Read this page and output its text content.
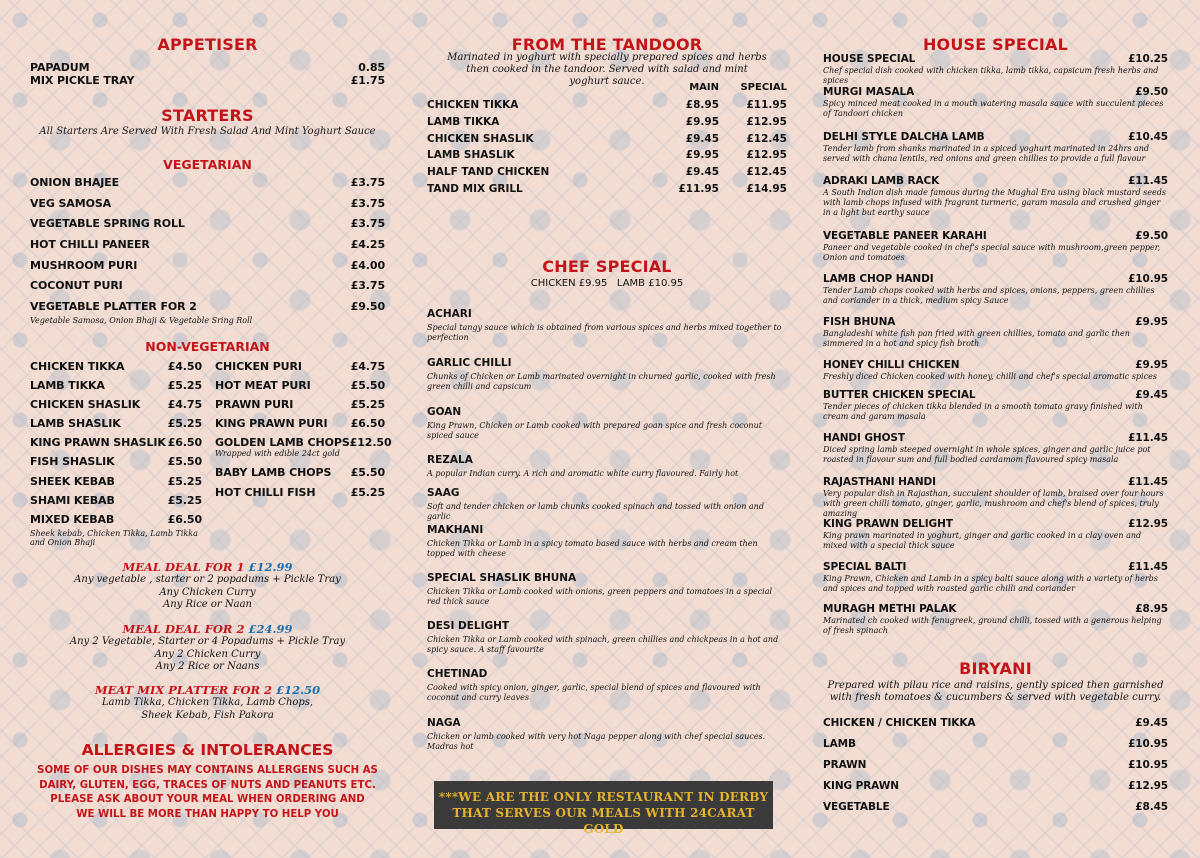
APPETISER
PAPADUM	0.85
MIX PICKLE TRAY	£1.75
STARTERS
All Starters Are Served With Fresh Salad And Mint Yoghurt Sauce
VEGETARIAN
ONION BHAJEE	£3.75
VEG SAMOSA	£3.75
VEGETABLE SPRING ROLL	£3.75
HOT CHILLI PANEER	£4.25
MUSHROOM PURI	£4.00
COCONUT PURI	£3.75
VEGETABLE PLATTER FOR 2	£9.50
Vegetable Samosa, Onion Bhaji & Vegetable Sring Roll
NON-VEGETARIAN
CHICKEN TIKKA	£4.50
LAMB TIKKA	£5.25
CHICKEN SHASLIK £4.75
LAMB SHASLIK	£5.25
KING PRAWN SHASLIK £6.50
FISH SHASLIK	£5.50
SHEEK KEBAB	£5.25
SHAMI KEBAB	£5.25
MIXED KEBAB	£6.50
Sheek kebab, Chicken Tikka, Lamb Tikka and Onion Bhaji
CHICKEN PURI	£4.75
HOT MEAT PURI	£5.50
PRAWN PURI	£5.25
KING PRAWN PURI £6.50
GOLDEN LAMB CHOPS £12.50
Wrapped with edible 24ct gold
BABY LAMB CHOPS £5.50
HOT CHILLI FISH	£5.25
MEAL DEAL FOR 1 £12.99
Any vegetable , starter or 2 popadums + Pickle Tray
Any Chicken Curry
Any Rice or Naan
MEAL DEAL FOR 2 £24.99
Any 2 Vegetable, Starter or 4 Popadums + Pickle Tray
Any 2 Chicken Curry
Any 2 Rice or Naans
MEAT MIX PLATTER FOR 2 £12.50
Lamb Tikka, Chicken Tikka, Lamb Chops,
Sheek Kebab, Fish Pakora
ALLERGIES & INTOLERANCES
SOME OF OUR DISHES MAY CONTAINS ALLERGENS SUCH AS
DAIRY, GLUTEN, EGG, TRACES OF NUTS AND PEANUTS ETC.
PLEASE ASK ABOUT YOUR MEAL WHEN ORDERING AND
WE WILL BE MORE THAN HAPPY TO HELP YOU
FROM THE TANDOOR
Marinated in yoghurt with specially prepared spices and herbs then cooked in the tandoor. Served with salad and mint yoghurt sauce.
MAIN	SPECIAL
CHICKEN TIKKA	£8.95	£11.95
LAMB TIKKA	£9.95	£12.95
CHICKEN SHASLIK	£9.45	£12.45
LAMB SHASLIK	£9.95	£12.95
HALF TAND CHICKEN	£9.45	£12.45
TAND MIX GRILL	£11.95	£14.95
CHEF SPECIAL
CHICKEN £9.95   LAMB £10.95
ACHARI
Special tangy sauce which is obtained from various spices and herbs mixed together to perfection
GARLIC CHILLI
Chunks of Chicken or Lamb marinated overnight in churned garlic, cooked with fresh green chilli and capsicum
GOAN
King Prawn, Chicken or Lamb cooked with prepared goan spice and fresh coconut spiced sauce
REZALA
A popular Indian curry. A rich and aromatic white curry flavoured. Fairly hot
SAAG
Soft and tender chicken or lamb chunks cooked spinach and tossed with onion and garlic
MAKHANI
Chicken Tikka or Lamb in a spicy tomato based sauce with herbs and cream then topped with cheese
SPECIAL SHASLIK BHUNA
Chicken Tikka or Lamb cooked with onions, green peppers and tomatoes in a special red thick sauce
DESI DELIGHT
Chicken Tikka or Lamb cooked with spinach, green chillies and chickpeas in a hot and spicy sauce. A staff favourite
CHETINAD
Cooked with spicy onion, ginger, garlic, special blend of spices and flavoured with coconut and curry leaves
NAGA
Chicken or lamb cooked with very hot Naga pepper along with chef special sauces. Madras hot
***WE ARE THE ONLY RESTAURANT IN DERBY
THAT SERVES OUR MEALS WITH 24CARAT GOLD
HOUSE SPECIAL
HOUSE SPECIAL	£10.25
Chef special dish cooked with chicken tikka, lamb tikka, capsicum fresh herbs and spices
MURGI MASALA	£9.50
Spicy minced meat cooked in a mouth watering masala sauce with succulent pieces of Tandoori chicken
DELHI STYLE DALCHA LAMB	£10.45
Tender lamb from shanks marinated in a spiced yoghurt marinated in 24hrs and served with chana lentils, red onions and green chillies to provide a full flavour
ADRAKI LAMB RACK	£11.45
A South Indian dish made famous during the Mughal Era using black mustard seeds with lamb chops infused with fragrant turmeric, garam masala and crushed ginger in a light but earthy sauce
VEGETABLE PANEER KARAHI	£9.50
Paneer and vegetable cooked in chef's special sauce with mushroom,green pepper, Onion and tomatoes
LAMB CHOP HANDI	£10.95
Tender Lamb chops cooked with herbs and spices, onions, peppers, green chillies and coriander in a thick, medium spicy Sauce
FISH BHUNA	£9.95
Bangladeshi white fish pan fried with green chillies, tomato and garlic then simmered in a hot and spicy fish broth
HONEY CHILLI CHICKEN	£9.95
Freshly diced Chicken cooked with honey, chilli and chef's special aromatic spices
BUTTER CHICKEN SPECIAL	£9.45
Tender pieces of chicken tikka blended in a smooth tomato gravy finished with cream and garam masala
HANDI GHOST	£11.45
Diced spring lamb steeped overnight in whole spices, ginger and garlic juice pot roasted in flavour sum and full bodied cardamom flavoured spicy masala
RAJASTHANI HANDI	£11.45
Very popular dish in Rajasthan, succulent shoulder of lamb, braised over four hours with green chilli tomato, ginger, garlic, mushroom and chef's blend of spices, truly amazing
KING PRAWN DELIGHT	£12.95
King prawn marinated in yoghurt, ginger and garlic cooked in a clay oven and mixed with a special thick sauce
SPECIAL BALTI	£11.45
King Prawn, Chicken and Lamb in a spicy balti sauce along with a variety of herbs and spices and topped with roasted garlic chilli and coriander
MURAGH METHI PALAK	£8.95
Marinated ch cooked with fenugreek, ground chilli, tossed with a generous helping of fresh spinach
BIRYANI
Prepared with pilau rice and raisins, gently spiced then garnished with fresh tomatoes & cucumbers & served with vegetable curry.
CHICKEN / CHICKEN TIKKA	£9.45
LAMB	£10.95
PRAWN	£10.95
KING PRAWN	£12.95
VEGETABLE	£8.45
